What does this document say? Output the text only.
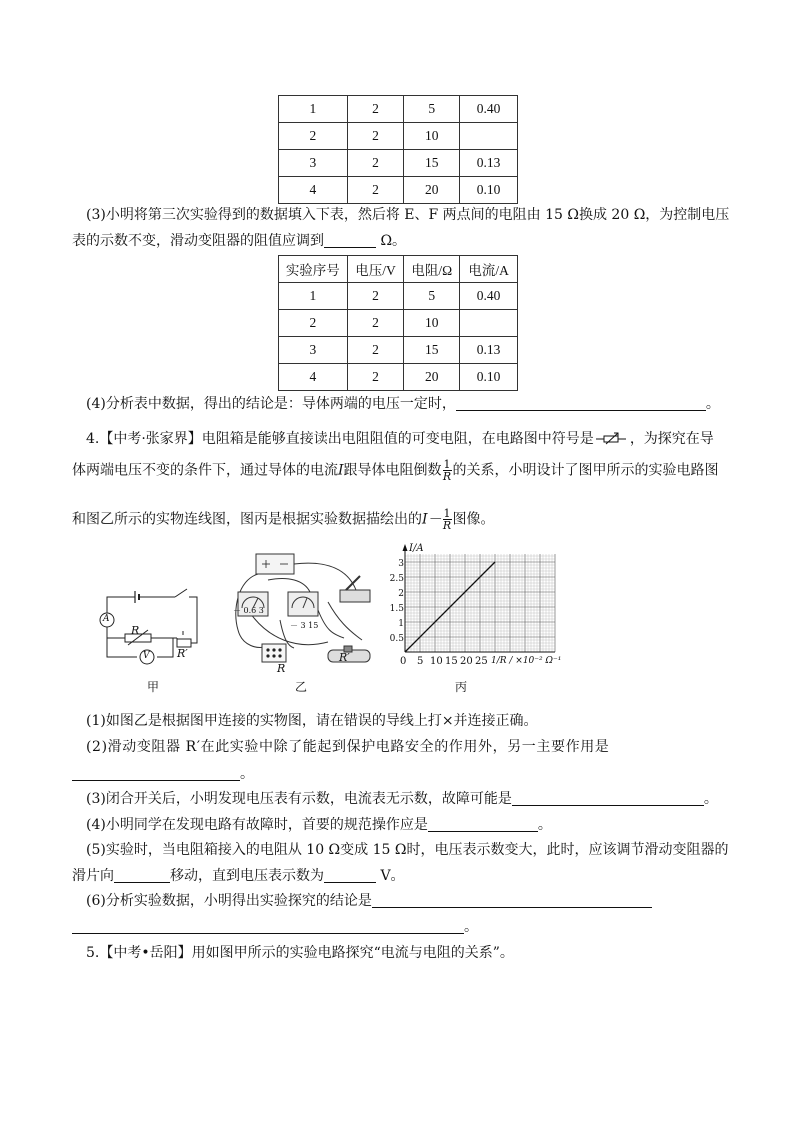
1	2	5	0.40
2	2	10	
3	2	15	0.13
4	2	20	0.10
(3)小明将第三次实验得到的数据填入下表，然后将 E、F 两点间的电阻由 15 Ω换成 20 Ω，为控制电压
表的示数不变，滑动变阻器的阻值应调到	Ω。
实验序号	电压/V	电阻/Ω	电流/A
1	2	5	0.40
2	2	10	
3	2	15	0.13
4	2	20	0.10
(4)分析表中数据，得出的结论是：导体两端的电压一定时，	。
4.【中考·张家界】电阻箱是能够直接读出电阻阻值的可变电阻，在电路图中符号是	，为探究在导
体两端电压不变的条件下，通过导体的电流I跟导体电阻倒数 $\frac{1}{R}$ 的关系，小明设计了图甲所示的实验电路图
和图乙所示的实物连线图，图丙是根据实验数据描绘出的$I- \frac{1}{R}$ 图像。
A
V
R
R′
甲
－ 0.6 3
－ 3 15
R
R′
乙
I/A
3
2.5
2
1.5
1
0.5
0 5 10 15 20 25 1/R / ×10⁻² Ω⁻¹
丙
(1)如图乙是根据图甲连接的实物图，请在错误的导线上打×并连接正确。
(2)滑动变阻器 R′在此实验中除了能起到保护电路安全的作用外，另一主要作用是
。
(3)闭合开关后，小明发现电压表有示数，电流表无示数，故障可能是	。
(4)小明同学在发现电路有故障时，首要的规范操作应是	。
(5)实验时，当电阻箱接入的电阻从 10 Ω变成 15 Ω时，电压表示数变大，此时，应该调节滑动变阻器的
滑片向	移动，直到电压表示数为	V。
(6)分析实验数据，小明得出实验探究的结论是
。
5.【中考•岳阳】用如图甲所示的实验电路探究“电流与电阻的关系”。
